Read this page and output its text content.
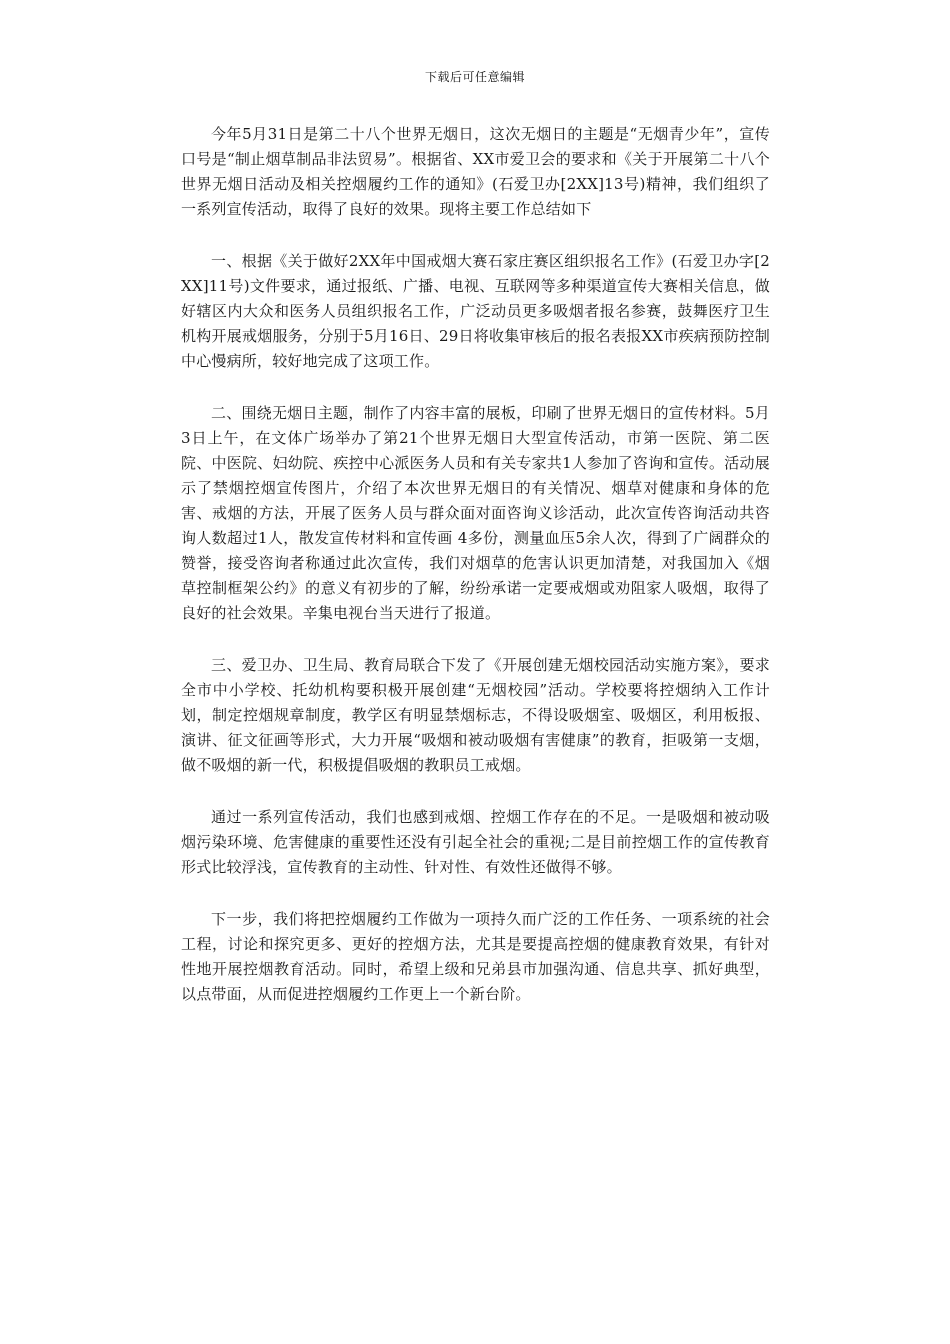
下载后可任意编辑

今年5月31日是第二十八个世界无烟日，这次无烟日的主题是“无烟青少年”，宣传口号是“制止烟草制品非法贸易”。根据省、XX市爱卫会的要求和《关于开展第二十八个世界无烟日活动及相关控烟履约工作的通知》(石爱卫办[2XX]13号)精神，我们组织了一系列宣传活动，取得了良好的效果。现将主要工作总结如下

一、根据《关于做好2XX年中国戒烟大赛石家庄赛区组织报名工作》(石爱卫办字[2XX]11号)文件要求，通过报纸、广播、电视、互联网等多种渠道宣传大赛相关信息，做好辖区内大众和医务人员组织报名工作，广泛动员更多吸烟者报名参赛，鼓舞医疗卫生机构开展戒烟服务，分别于5月16日、29日将收集审核后的报名表报XX市疾病预防控制中心慢病所，较好地完成了这项工作。

二、围绕无烟日主题，制作了内容丰富的展板，印刷了世界无烟日的宣传材料。5月3日上午，在文体广场举办了第21个世界无烟日大型宣传活动，市第一医院、第二医院、中医院、妇幼院、疾控中心派医务人员和有关专家共1人参加了咨询和宣传。活动展示了禁烟控烟宣传图片，介绍了本次世界无烟日的有关情况、烟草对健康和身体的危害、戒烟的方法，开展了医务人员与群众面对面咨询义诊活动，此次宣传咨询活动共咨询人数超过1人，散发宣传材料和宣传画 4多份，测量血压5余人次，得到了广阔群众的赞誉，接受咨询者称通过此次宣传，我们对烟草的危害认识更加清楚，对我国加入《烟草控制框架公约》的意义有初步的了解，纷纷承诺一定要戒烟或劝阻家人吸烟，取得了良好的社会效果。辛集电视台当天进行了报道。

三、爱卫办、卫生局、教育局联合下发了《开展创建无烟校园活动实施方案》，要求全市中小学校、托幼机构要积极开展创建“无烟校园”活动。学校要将控烟纳入工作计划，制定控烟规章制度，教学区有明显禁烟标志，不得设吸烟室、吸烟区，利用板报、演讲、征文征画等形式，大力开展“吸烟和被动吸烟有害健康”的教育，拒吸第一支烟，做不吸烟的新一代，积极提倡吸烟的教职员工戒烟。

通过一系列宣传活动，我们也感到戒烟、控烟工作存在的不足。一是吸烟和被动吸烟污染环境、危害健康的重要性还没有引起全社会的重视;二是目前控烟工作的宣传教育形式比较浮浅，宣传教育的主动性、针对性、有效性还做得不够。

下一步，我们将把控烟履约工作做为一项持久而广泛的工作任务、一项系统的社会工程，讨论和探究更多、更好的控烟方法，尤其是要提高控烟的健康教育效果，有针对性地开展控烟教育活动。同时，希望上级和兄弟县市加强沟通、信息共享、抓好典型，以点带面，从而促进控烟履约工作更上一个新台阶。
